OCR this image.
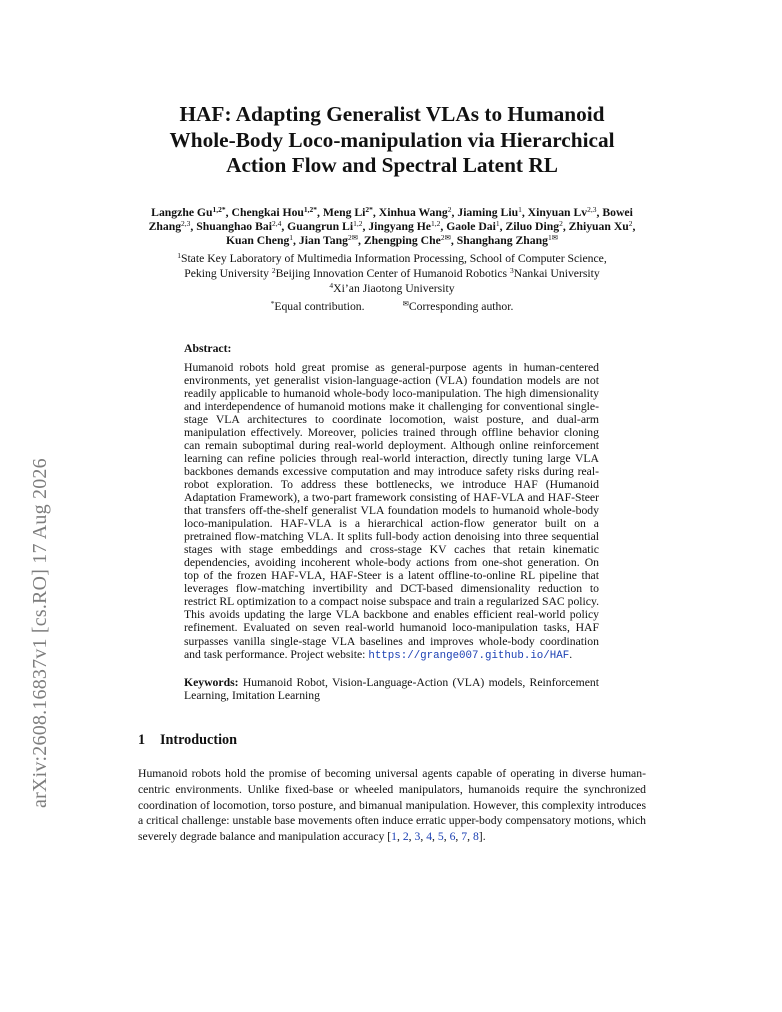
arXiv:2608.16837v1 [cs.RO] 17 Aug 2026
HAF: Adapting Generalist VLAs to Humanoid
Whole-Body Loco-manipulation via Hierarchical
Action Flow and Spectral Latent RL
Langzhe $Gu^{1,2*}$, Chengkai Hou$^{1,2*}$, Meng $Li^{2*}$, Xinhua Wang$^2$, Jiaming Liu$^1$, Xinyuan Lv$^{2,3}$, Bowei Zhang$^{2,3}$, Shuanghao Bai$^{2,4}$, Guangrun Li$^{1,2}$, Jingyang He$^{1,2}$, Gaole Dai$^1$, Ziluo Ding$^2$, Zhiyuan Xu$^2$, Kuan Cheng$^1$, Jian Tang$^{2✉}$, Zhengping Che$^{2✉}$, Shanghang Zhang$^{1✉}$
$^1$State Key Laboratory of Multimedia Information Processing, School of Computer Science,
Peking University $^2$Beijing Innovation Center of Humanoid Robotics $^3$Nankai University
$^4$Xi’an Jiaotong University
*Equal contribution.	✉Corresponding author.
Abstract:
Humanoid robots hold great promise as general-purpose agents in human-centered environments, yet generalist vision-language-action (VLA) foundation models are not readily applicable to humanoid whole-body loco-manipulation. The high dimensionality and interdependence of humanoid motions make it challenging for conventional single-stage VLA architectures to coordinate locomotion, waist posture, and dual-arm manipulation effectively. Moreover, policies trained through offline behavior cloning can remain suboptimal during real-world deployment. Although online reinforcement learning can refine policies through real-world interaction, directly tuning large VLA backbones demands excessive computation and may introduce safety risks during real-robot exploration. To address these bottlenecks, we introduce HAF (Humanoid Adaptation Framework), a two-part framework consisting of HAF-VLA and HAF-Steer that transfers off-the-shelf generalist VLA foundation models to humanoid whole-body loco-manipulation. HAF-VLA is a hierarchical action-flow generator built on a pretrained flow-matching VLA. It splits full-body action denoising into three sequential stages with stage embeddings and cross-stage KV caches that retain kinematic dependencies, avoiding incoherent whole-body actions from one-shot generation. On top of the frozen HAF-VLA, HAF-Steer is a latent offline-to-online RL pipeline that leverages flow-matching invertibility and DCT-based dimensionality reduction to restrict RL optimization to a compact noise subspace and train a regularized SAC policy. This avoids updating the large VLA backbone and enables efficient real-world policy refinement. Evaluated on seven real-world humanoid loco-manipulation tasks, HAF surpasses vanilla single-stage VLA baselines and improves whole-body coordination and task performance. Project website: https://grange007.github.io/HAF.
Keywords: Humanoid Robot, Vision-Language-Action (VLA) models, Reinforcement Learning, Imitation Learning
1 Introduction
Humanoid robots hold the promise of becoming universal agents capable of operating in diverse human-centric environments. Unlike fixed-base or wheeled manipulators, humanoids require the synchronized coordination of locomotion, torso posture, and bimanual manipulation. However, this complexity introduces a critical challenge: unstable base movements often induce erratic upper-body compensatory motions, which severely degrade balance and manipulation accuracy [1, 2, 3, 4, 5, 6, 7, 8].
